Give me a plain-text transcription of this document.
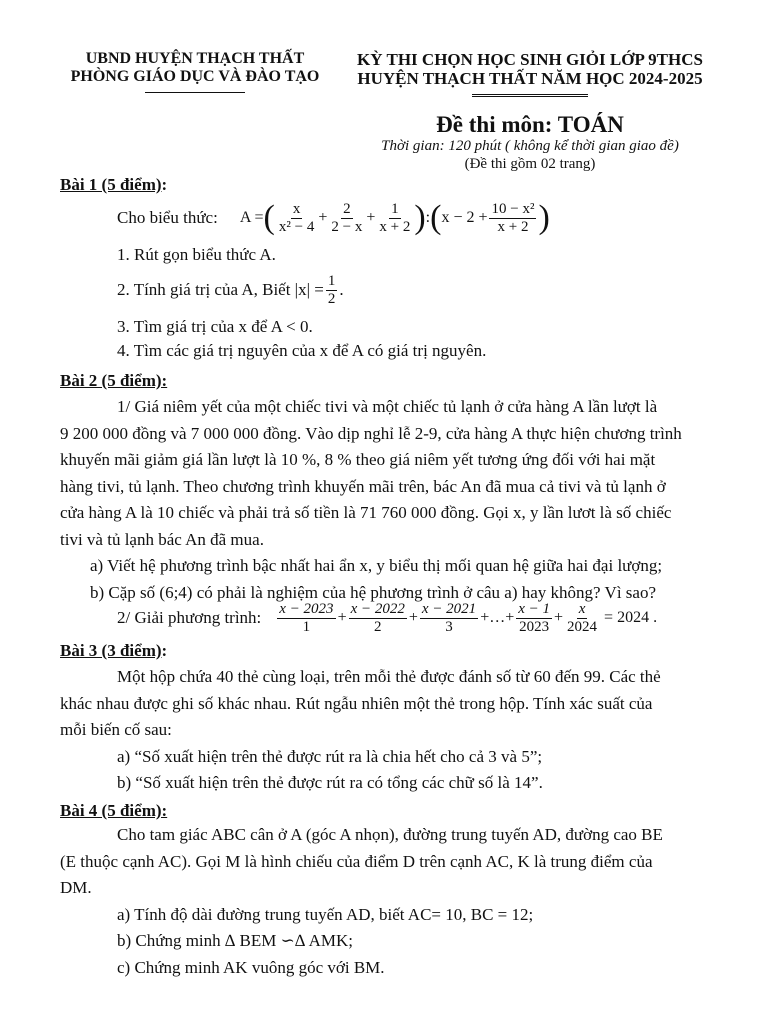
UBND HUYỆN THẠCH THẤT
PHÒNG GIÁO DỤC VÀ ĐÀO TẠO
KỲ THI CHỌN HỌC SINH GIỎI LỚP 9THCS
HUYỆN THẠCH THẤT NĂM HỌC 2024-2025
Đề thi môn: TOÁN
Thời gian: 120 phút ( không kể thời gian giao đề)
(Đề thi gồm 02 trang)
Bài 1 (5 điểm):
Cho biểu thức: A = ( $\frac{x}{\text{x² − 4}} + \frac{2}{2 - x} + \frac{1}{x + 2}$ ) : ( $x - 2 + \frac{\text{10 − x²}}{x + 2}$ )
1. Rút gọn biểu thức A.
2. Tính giá trị của A, Biết $|x| = \frac{1}{2}$ .
3. Tìm giá trị của x để A < 0.
4. Tìm các giá trị nguyên của x để A có giá trị nguyên.
Bài 2 (5 điểm):
1/ Giá niêm yết của một chiếc tivi và một chiếc tủ lạnh ở cửa hàng A lần lượt là
9 200 000 đồng và 7 000 000 đồng. Vào dịp nghỉ lễ 2-9, cửa hàng A thực hiện chương trình
khuyến mãi giảm giá lần lượt là 10 %, 8 % theo giá niêm yết tương ứng đối với hai mặt
hàng tivi, tủ lạnh. Theo chương trình khuyến mãi trên, bác An đã mua cả tivi và tủ lạnh ở
cửa hàng A là 10 chiếc và phải trả số tiền là 71 760 000 đồng. Gọi x, y lần lươt là số chiếc
tivi và tủ lạnh bác An đã mua.
a) Viết hệ phương trình bậc nhất hai ẩn x, y biểu thị mối quan hệ giữa hai đại lượng;
b) Cặp số (6;4) có phải là nghiệm của hệ phương trình ở câu a) hay không? Vì sao?
2/ Giải phương trình: $\frac{x - 2023}{1} + \frac{x - 2022}{2} + \frac{x - 2021}{3}$ +…+ $\frac{x - 1}{2023} + \frac{x}{2024} = 2024$ .
Bài 3 (3 điểm):
Một hộp chứa 40 thẻ cùng loại, trên mỗi thẻ được đánh số từ 60 đến 99. Các thẻ
khác nhau được ghi số khác nhau. Rút ngẫu nhiên một thẻ trong hộp. Tính xác suất của
mỗi biến cố sau:
a) “Số xuất hiện trên thẻ được rút ra là chia hết cho cả 3 và 5”;
b) “Số xuất hiện trên thẻ được rút ra có tổng các chữ số là 14”.
Bài 4 (5 điểm):
Cho tam giác ABC cân ở A (góc A nhọn), đường trung tuyến AD, đường cao BE
(E thuộc cạnh AC). Gọi M là hình chiếu của điểm D trên cạnh AC, K là trung điểm của
DM.
a) Tính độ dài đường trung tuyến AD, biết AC= 10, BC = 12;
b) Chứng minh ∆ BEM ∽∆ AMK;
c) Chứng minh AK vuông góc với BM.
